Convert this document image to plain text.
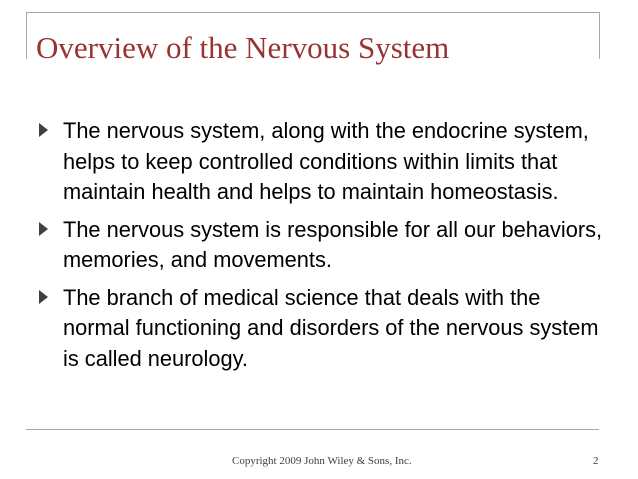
Overview of the Nervous System
The nervous system, along with the endocrine system, helps to keep controlled conditions within limits that maintain health and helps to maintain homeostasis.
The nervous system is responsible for all our behaviors, memories, and movements.
The branch of medical science that deals with the normal functioning and disorders of the nervous system is called neurology.
Copyright 2009 John Wiley & Sons, Inc.	2
